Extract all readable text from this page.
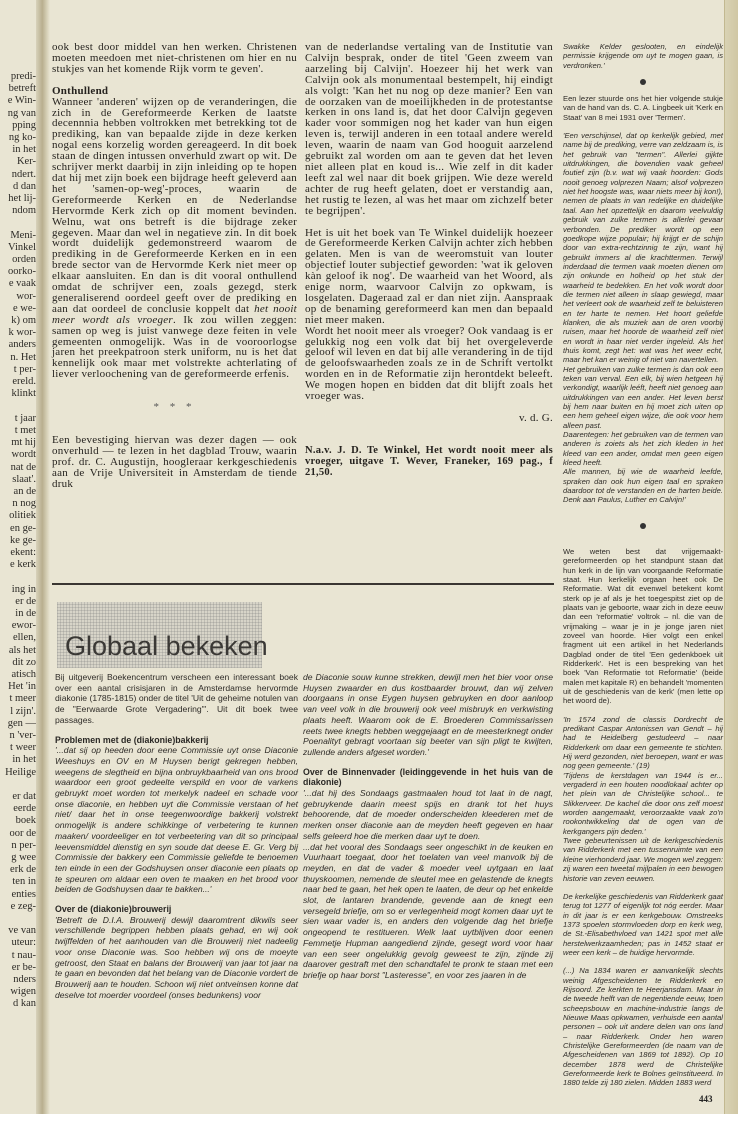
predi-
betreft
e Win-
ng van
pping
ng ko-
in het
Ker-
ndert.
d dan
het lij-
ndom

Meni-
Vinkel
orden
oorko-
e vaak
wor-
e we-
k) om
k wor-
anders
n. Het
t per-
ereld.
klinkt

t jaar
t met
mt hij
wordt
nat de
slaat'.
an de
n nog
olitiek
en ge-
ke ge-
ekent:
e kerk

ing in
er de
in de
ewor-
ellen,
als het
dit zo
atisch
Het 'in
t meer
l zijn'.
gen —
n 'ver-
t weer
in het
Heilige

er dat
eerde
boek
oor de
n per-
g wee
erk de
ten in
enties
e zeg-

ve van
uteur:
t nau-
er be-
nders
wigen
d kan

ook best door middel van hen werken. Christenen moeten meedoen met niet-christenen om hier en nu stukjes van het komende Rijk vorm te geven'.

Onthullend

Wanneer 'anderen' wijzen op de veranderingen, die zich in de Gereformeerde Kerken de laatste decennnia hebben voltrokken met betrekking tot de prediking, kan van bepaalde zijde in deze kerken nogal eens korzelig worden gereageerd. In dit boek staan de dingen intussen onverhuld zwart op wit. De schrijver merkt daarbij in zijn inleiding op te hopen dat hij met zijn boek een bijdrage heeft geleverd aan het 'samen-op-weg'-proces, waarin de Gereformeerde Kerken en de Nederlandse Hervormde Kerk zich op dit moment bevinden. Welnu, wat ons betreft is die bijdrage zeker gegeven. Maar dan wel in negatieve zin. In dit boek wordt duidelijk gedemonstreerd waarom de prediking in de Gereformeerde Kerken en in een brede sector van de Hervormde Kerk niet meer op elkaar aansluiten. En dan is dit vooral onthullend omdat de schrijver een, zoals gezegd, sterk generaliserend oordeel geeft over de prediking en aan dat oordeel de conclusie koppelt dat het nooit meer wordt als vroeger. Ik zou willen zeggen: samen op weg is juist vanwege deze feiten in vele gemeenten onmogelijk. Was in de vooroorlogse jaren het preekpatroon sterk uniform, nu is het dat kennelijk ook maar met volstrekte achterlating of liever verloochening van de gereformeerde erfenis.

* * *

Een bevestiging hiervan was dezer dagen — ook onverhuld — te lezen in het dagblad Trouw, waarin prof. dr. C. Augustijn, hoogleraar kerkgeschiedenis aan de Vrije Universiteit in Amsterdam de tiende druk

van de nederlandse vertaling van de Institutie van Calvijn besprak, onder de titel 'Geen zweem van aarzeling bij Calvijn'. Hoezeer hij het werk van Calvijn ook als monumentaal bestempelt, hij eindigt als volgt: 'Kan het nu nog op deze manier? Een van de oorzaken van de moeilijkheden in de protestantse kerken in ons land is, dat het door Calvijn gegeven kader voor sommigen nog het kader van hun eigen leven is, terwijl anderen in een totaal andere wereld leven, waarin de naam van God hooguit aarzelend gebruikt zal worden om aan te geven dat het leven niet alleen plat en koud is... Wie zelf in dit kader leeft zal wel naar dit boek grijpen. Wie deze wereld achter de rug heeft gelaten, doet er verstandig aan, het rustig te lezen, al was het maar om zichzelf beter te begrijpen'.

Het is uit het boek van Te Winkel duidelijk hoezeer de Gereformeerde Kerken Calvijn achter zich hebben gelaten. Men is van de weeromstuit van louter objectief louter subjectief geworden: 'wat ik geloven kàn geloof ik nog'. De waarheid van het Woord, als enige norm, waarvoor Calvijn zo opkwam, is losgelaten. Dageraad zal er dan niet zijn. Aanspraak op de benaming gereformeerd kan men dan bepaald niet meer maken.

Wordt het nooit meer als vroeger? Ook vandaag is er gelukkig nog een volk dat bij het overgeleverde geloof wil leven en dat bij alle verandering in de tijd de geloofswaarheden zoals ze in de Schrift vertolkt worden en in de Reformatie zijn herontdekt beleeft. We mogen hopen en bidden dat dit blijft zoals het vroeger was.

v. d. G.

N.a.v. J. D. Te Winkel, Het wordt nooit meer als vroeger, uitgave T. Wever, Franeker, 169 pag., f 21,50.

Swakke Kelder geslooten, en eindelijk permissie krijgende om uyt te mogen gaan, is verdronken.'

Een lezer stuurde ons het hier volgende stukje van de hand van ds. C. A. Lingbeek uit 'Kerk en Staat' van 8 mei 1931 over 'Termen'.

'Een verschijnsel, dat op kerkelijk gebied, met name bij de prediking, verre van zeldzaam is, is het gebruik van "termen". Allerlei gijkte uitdrukkingen, die bovendien vaak geheel foutief zijn (b.v. wat wij vaak hoorden: Gods nooit genoeg volprezen Naam; alsof volprezen niet het hoogste was, waar niets meer bij kon!), nemen de plaats in van redelijke en duidelijke taal. Aan het opzettelijk en daarom veelvuldig gebruik van zulke termen is allerlei gevaar verbonden. De prediker wordt op een goedkope wijze populair; hij krijgt er de schijn door van extra-rechtzinnig te zijn, want hij gebruikt immers al die krachttermen. Terwijl inderdaad die termen vaak moeten dienen om zijn onkunde en holheid op het stuk der waarheid te bedekken. En het volk wordt door die termen niet alleen in slaap gewiegd, maar het verleert ook de waarheid zelf te beluisteren en ter harte te nemen. Het hoort geliefde klanken, die als muziek aan de oren voorbij ruisen, maar het hoorde de waarheid zelf niet en wordt in haar niet verder ingeleid. Als het thuis komt, zegt het: wat was het weer echt, maar het kan er weinig of niet van navertellen.

Het gebruiken van zulke termen is dan ook een teken van verval. Een elk, bij wien hetgeen hij verkondigt, waarlijk leéft, heeft niet genoeg aan uitdrukkingen van een ander. Het leven berst bij hem naar buiten en hij moet zich uiten op een hem geheel eigen wijze, die ook voor hem alleen past.

Daarentegen: het gebruiken van de termen van anderen is zoiets als het zich kleden in het kleed van een ander, omdat men geen eigen kleed heeft.

Alle mannen, bij wie de waarheid leefde, spraken dan ook hun eigen taal en spraken daardoor tot de verstanden en de harten beide. Denk aan Paulus, Luther en Calvijn!'

We weten best dat vrijgemaakt-gereformeerden op het standpunt staan dat hun kerk in de lijn van voorgaande Reformatie staat. Hun kerkelijk orgaan heet ook De Reformatie. Wat dit evenwel betekent komt sterk op je af als je het toegespitst ziet op de plaats van je geboorte, waar zich in deze eeuw dan een 'reformatie' voltrok – nl. die van de vrijmaking – waar je in je jonge jaren niet zoveel van hoorde. Hier volgt een enkel fragment uit een artikel in het Nederlands Dagblad onder de titel 'Een gedenkboek uit Ridderkerk'. Het is een bespreking van het boek 'Van Reformatie tot Reformatie' (beide malen met kapitale R) en behandelt 'momenten uit de geschiedenis van de kerk' (men lette op het woord de).

'In 1574 zond de classis Dordrecht de predikant Caspar Antonissen van Gendt – hij had te Heidelberg gestudeerd – naar Ridderkerk om daar een gemeente te stichten. Hij werd gezonden, niet beroepen, want er was nog geen gemeente.' (19)

'Tijdens de kerstdagen van 1944 is er... vergaderd in een houten noodlokaal achter op het plein van de Christelijke school... te Slikkerveer. De kachel die door ons zelf moest worden aangemaakt, veroorzaakte vaak zo'n rookontwikkeling dat de ogen van de kerkgangers pijn deden.'

Twee gebeurtenissen uit de kerkgeschiedenis van Ridderkerk met een tussenruimte van een kleine vierhonderd jaar. We mogen wel zeggen: zij waren een tweetal mijlpalen in een bewogen historie van zeven eeuwen.

De kerkelijke geschiedenis van Ridderkerk gaat terug tot 1277 of eigenlijk tot nóg eerder. Maar in dit jaar is er een kerkgebouw. Omstreeks 1373 spoelen stormvloeden dorp en kerk weg, de St.-Elisabethvloed van 1421 spot met alle herstelwerkzaamheden; pas in 1452 staat er weer een kerk – de huidige hervormde.

(...) Na 1834 waren er aanvankelijk slechts weinig Afgescheidenen te Ridderkerk en Rijsoord. Ze kerkten te Heerjansdam. Maar in de tweede helft van de negentiende eeuw, toen scheepsbouw en machine-industrie langs de Nieuwe Maas opkwamen, verhuisde een aantal personen – ook uit andere delen van ons land – naar Ridderkerk. Onder hen waren Christelijke Gereformeerden (de naam van de Afgescheidenen van 1869 tot 1892). Op 10 december 1878 werd de Christelijke Gereformeerde kerk te Bolnes geïnstitueerd. In 1880 telde zij 180 zielen. Midden 1883 werd

Globaal bekeken

Bij uitgeverij Boekencentrum verscheen een interessant boek over een aantal crisisjaren in de Amsterdamse hervormde diakonie (1785-1815) onder de titel 'Uit de geheime notulen van de "Eerwaarde Grote Vergadering"'. Uit dit boek twee passages.

Problemen met de (diakonie)bakkerij

'...dat sij op heeden door eene Commissie uyt onse Diaconie Weeshuys en OV en M Huysen berigt gekregen hebben, weegens de slegtheid en bijna onbruykbaarheid van ons brood waardoor een groot gedeelte verspild en voor de varkens gebruykt moet worden tot merkelyk nadeel en schade voor onse diaconie, en hebben uyt die Commissie verstaan of het niet/ daar het in onse teegenwoordige bakkerij volstrekt onmogelijk is andere schikkinge of verbetering te kunnen maaken/ voordeeliger en tot verbeetering van dit so principaal leevensmiddel dienstig en syn soude dat deese E. Gr. Verg bij Commissie der bakkery een Commissie geliefde te benoemen ten einde in een der Godshuysen onser diaconie een plaats op te speuren om aldaar een oven te maaken en het brood voor beiden de Godshuysen daar te bakken...'

Over de (diakonie)brouwerij

'Betreft de D.I.A. Brouwerij dewijl daaromtrent dikwils seer verschillende begrippen hebben plaats gehad, en wij ook twijffelden of het aanhouden van die Brouwerij niet nadeelig voor onse Diaconie was. Soo hebben wij ons de moeyte getroost, den Staat en balans der Brouwerij van jaar tot jaar na te gaan en bevonden dat het belang van de Diaconie vordert de Brouwerij aan te houden. Schoon wij niet ontveinsen konne dat deselve tot moerder voordeel (onses bedunkens) voor

de Diaconie souw kunne strekken, dewijl men het bier voor onse Huysen zwaarder en dus kostbaarder brouwt, dan wij zelven doorgaans in onse Eygen huysen gebruyken en door aanloop van veel volk in die brouwerij ook veel misbruyk en verkwisting plaats heeft. Waarom ook de E. Broederen Commissarissen reets twee knegts hebben weggejaagt en de meesterknegt onder Poenalityt gebragt voortaan sig beeter van sijn pligt te kwijten, zullende anders afgeset worden.'

Over de Binnenvader (leidinggevende in het huis van de diakonie)

'...dat hij des Sondaags gastmaalen houd tot laat in de nagt, gebruykende daarin meest spijs en drank tot het huys behoorende, dat de moeder onderscheiden kleederen met de merken onser diaconie aan de meyden heeft gegeven en haar selfs geleerd hoe die merken daar uyt te doen.

...dat het vooral des Sondaags seer ongeschikt in de keuken en Vuurhaart toegaat, door het toelaten van veel manvolk bij de meyden, en dat de vader & moeder veel uytgaan en laat thuyskoomen, nemende de sleutel mee en gelastende de knegts naar bed te gaan, het hek open te laaten, de deur op het enkelde slot, de lantaren brandende, gevende aan de knegt een versegeld briefje, om so er verlegenheid mogt komen daar uyt te sien waar vader is, en anders den volgende dag het briefje ongeopend te restitueren. Welk laat uytblijven door eenen Femmetje Hupman aangediend zijnde, gesegt word voor haar van een seer ongelukkig gevolg geweest te zijn, zijnde zij daarover gestraft met den schandtafel te pronk te staan met een briefje op haar borst "Lasteresse", en voor zes jaaren in de

443
